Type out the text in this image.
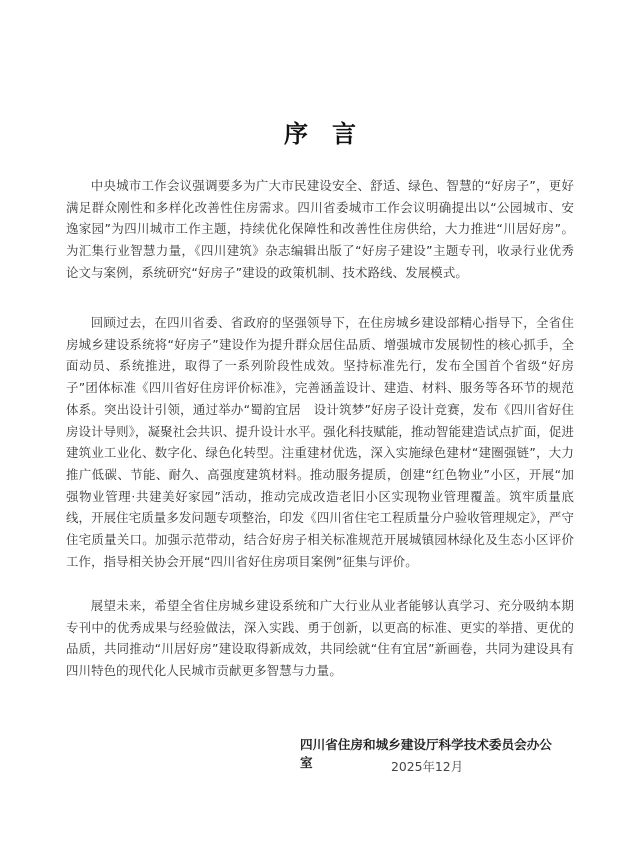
序 言

中央城市工作会议强调要多为广大市民建设安全、舒适、绿色、智慧的“好房子”，更好满足群众刚性和多样化改善性住房需求。四川省委城市工作会议明确提出以“公园城市、安逸家园”为四川城市工作主题，持续优化保障性和改善性住房供给，大力推进“川居好房”。为汇集行业智慧力量，《四川建筑》杂志编辑出版了“好房子建设”主题专刊，收录行业优秀论文与案例，系统研究“好房子”建设的政策机制、技术路线、发展模式。

回顾过去，在四川省委、省政府的坚强领导下，在住房城乡建设部精心指导下，全省住房城乡建设系统将“好房子”建设作为提升群众居住品质、增强城市发展韧性的核心抓手，全面动员、系统推进，取得了一系列阶段性成效。坚持标准先行，发布全国首个省级“好房子”团体标准《四川省好住房评价标准》，完善涵盖设计、建造、材料、服务等各环节的规范体系。突出设计引领，通过举办“蜀韵宜居　设计筑梦”好房子设计竞赛，发布《四川省好住房设计导则》，凝聚社会共识、提升设计水平。强化科技赋能，推动智能建造试点扩面，促进建筑业工业化、数字化、绿色化转型。注重建材优选，深入实施绿色建材“建圈强链”，大力推广低碳、节能、耐久、高强度建筑材料。推动服务提质，创建“红色物业”小区，开展“加强物业管理·共建美好家园”活动，推动完成改造老旧小区实现物业管理覆盖。筑牢质量底线，开展住宅质量多发问题专项整治，印发《四川省住宅工程质量分户验收管理规定》，严守住宅质量关口。加强示范带动，结合好房子相关标准规范开展城镇园林绿化及生态小区评价工作，指导相关协会开展“四川省好住房项目案例”征集与评价。

展望未来，希望全省住房城乡建设系统和广大行业从业者能够认真学习、充分吸纳本期专刊中的优秀成果与经验做法，深入实践、勇于创新，以更高的标准、更实的举措、更优的品质，共同推动“川居好房”建设取得新成效，共同绘就“住有宜居”新画卷，共同为建设具有四川特色的现代化人民城市贡献更多智慧与力量。

四川省住房和城乡建设厅科学技术委员会办公室	2025年12月
